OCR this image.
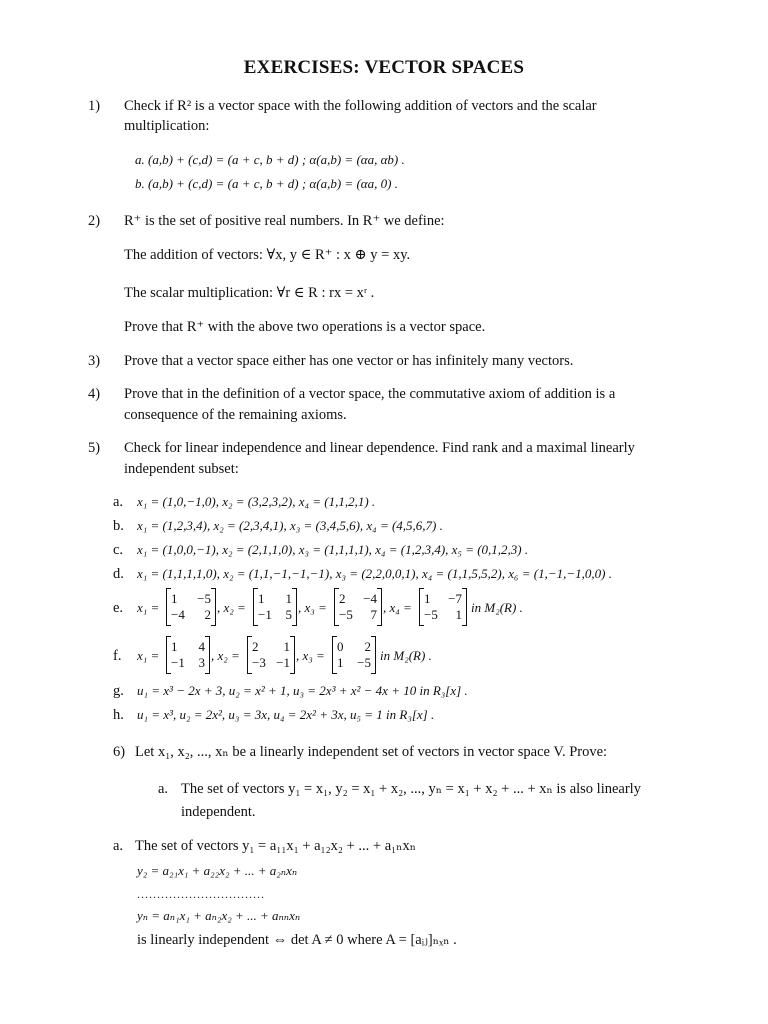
EXERCISES: VECTOR SPACES
1) Check if R² is a vector space with the following addition of vectors and the scalar
multiplication:
a. (a,b) + (c,d) = (a + c, b + d) ; α(a,b) = (αa, αb) .
b. (a,b) + (c,d) = (a + c, b + d) ; α(a,b) = (αa, 0) .
2) R⁺ is the set of positive real numbers. In R⁺ we define:
The addition of vectors: ∀x, y ∈ R⁺ : x ⊕ y = xy.
The scalar multiplication: ∀r ∈ R : rx = xʳ .
Prove that R⁺ with the above two operations is a vector space.
3) Prove that a vector space either has one vector or has infinitely many vectors.
4) Prove that in the definition of a vector space, the commutative axiom of addition is a
consequence of the remaining axioms.
5) Check for linear independence and linear dependence. Find rank and a maximal linearly
independent subset:
a. x₁ = (1,0,−1,0), x₂ = (3,2,3,2), x₄ = (1,1,2,1) .
b. x₁ = (1,2,3,4), x₂ = (2,3,4,1), x₃ = (3,4,5,6), x₄ = (4,5,6,7) .
c. x₁ = (1,0,0,−1), x₂ = (2,1,1,0), x₃ = (1,1,1,1), x₄ = (1,2,3,4), x₅ = (0,1,2,3) .
d. x₁ = (1,1,1,1,0), x₂ = (1,1,−1,−1,−1), x₃ = (2,2,0,0,1), x₄ = (1,1,5,5,2), x₆ = (1,−1,−1,0,0) .
e. x₁ =
1 −5
−4 2 , x₂ =
1 1
−1 5 , x₃ =
2 −4
−5 7 , x₄ =
1 −7
−5 1 in M₂(R) .
f. x₁ =
1 4
−1 3 , x₂ =
2 1
−3 −1 , x₃ =
0 2
1 −5 in M₂(R) .
g. u₁ = x³ − 2x + 3, u₂ = x² + 1, u₃ = 2x³ + x² − 4x + 10 in R₃[x] .
h. u₁ = x³, u₂ = 2x², u₃ = 3x, u₄ = 2x² + 3x, u₅ = 1 in R₃[x] .
6) Let x₁, x₂, ..., xₙ be a linearly independent set of vectors in vector space V. Prove:
a. The set of vectors y₁ = x₁, y₂ = x₁ + x₂, ..., yₙ = x₁ + x₂ + ... + xₙ is also linearly
independent.
a. The set of vectors y₁ = a₁₁x₁ + a₁₂x₂ + ... + a₁ₙxₙ
y₂ = a₂₁x₁ + a₂₂x₂ + ... + a₂ₙxₙ
................................
yₙ = aₙ₁x₁ + aₙ₂x₂ + ... + aₙₙxₙ
is linearly independent ⇔ det A ≠ 0 where A = [aᵢⱼ]ₙₓₙ .
